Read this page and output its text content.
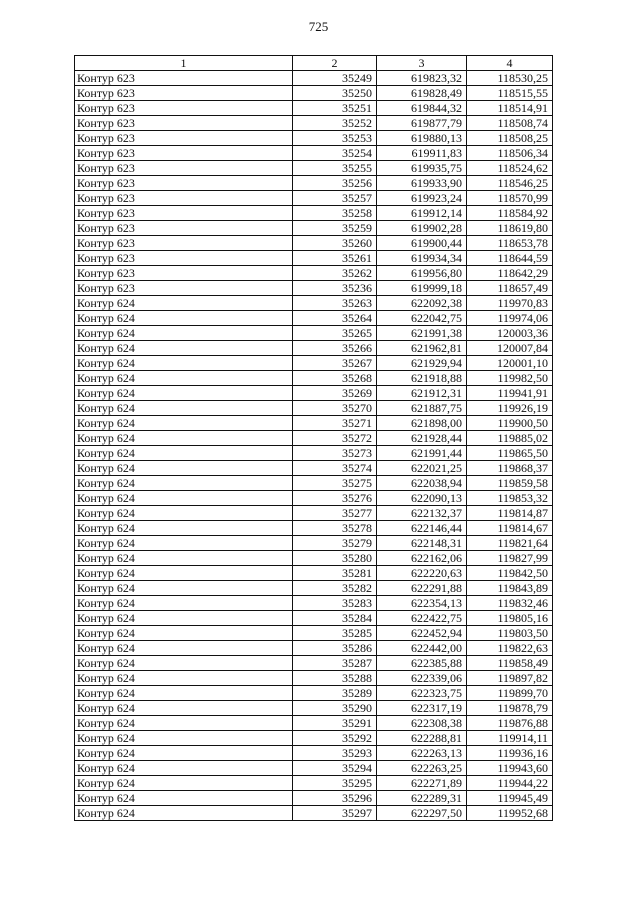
725
1	2	3	4
Контур 623	35249	619823,32	118530,25
Контур 623	35250	619828,49	118515,55
Контур 623	35251	619844,32	118514,91
Контур 623	35252	619877,79	118508,74
Контур 623	35253	619880,13	118508,25
Контур 623	35254	619911,83	118506,34
Контур 623	35255	619935,75	118524,62
Контур 623	35256	619933,90	118546,25
Контур 623	35257	619923,24	118570,99
Контур 623	35258	619912,14	118584,92
Контур 623	35259	619902,28	118619,80
Контур 623	35260	619900,44	118653,78
Контур 623	35261	619934,34	118644,59
Контур 623	35262	619956,80	118642,29
Контур 623	35236	619999,18	118657,49
Контур 624	35263	622092,38	119970,83
Контур 624	35264	622042,75	119974,06
Контур 624	35265	621991,38	120003,36
Контур 624	35266	621962,81	120007,84
Контур 624	35267	621929,94	120001,10
Контур 624	35268	621918,88	119982,50
Контур 624	35269	621912,31	119941,91
Контур 624	35270	621887,75	119926,19
Контур 624	35271	621898,00	119900,50
Контур 624	35272	621928,44	119885,02
Контур 624	35273	621991,44	119865,50
Контур 624	35274	622021,25	119868,37
Контур 624	35275	622038,94	119859,58
Контур 624	35276	622090,13	119853,32
Контур 624	35277	622132,37	119814,87
Контур 624	35278	622146,44	119814,67
Контур 624	35279	622148,31	119821,64
Контур 624	35280	622162,06	119827,99
Контур 624	35281	622220,63	119842,50
Контур 624	35282	622291,88	119843,89
Контур 624	35283	622354,13	119832,46
Контур 624	35284	622422,75	119805,16
Контур 624	35285	622452,94	119803,50
Контур 624	35286	622442,00	119822,63
Контур 624	35287	622385,88	119858,49
Контур 624	35288	622339,06	119897,82
Контур 624	35289	622323,75	119899,70
Контур 624	35290	622317,19	119878,79
Контур 624	35291	622308,38	119876,88
Контур 624	35292	622288,81	119914,11
Контур 624	35293	622263,13	119936,16
Контур 624	35294	622263,25	119943,60
Контур 624	35295	622271,89	119944,22
Контур 624	35296	622289,31	119945,49
Контур 624	35297	622297,50	119952,68
